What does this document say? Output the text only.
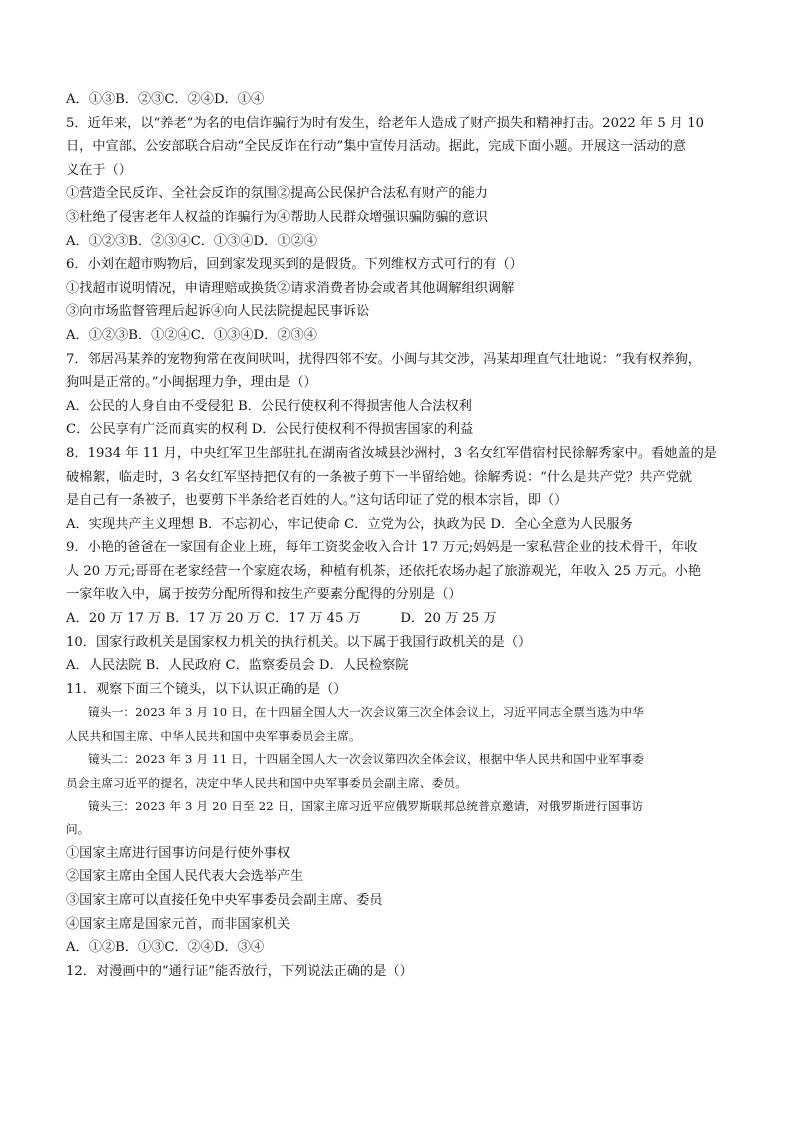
A．①③B．②③C．②④D．①④
5．近年来，以“养老”为名的电信诈骗行为时有发生，给老年人造成了财产损失和精神打击。2022 年 5 月 10
日，中宣部、公安部联合启动“全民反诈在行动”集中宣传月活动。据此，完成下面小题。开展这一活动的意
义在于（）
①营造全民反诈、全社会反诈的氛围②提高公民保护合法私有财产的能力
③杜绝了侵害老年人权益的诈骗行为④帮助人民群众增强识骗防骗的意识
A．①②③B．②③④C．①③④D．①②④
6．小刘在超市购物后，回到家发现买到的是假货。下列维权方式可行的有（）
①找超市说明情况，申请理赔或换货②请求消费者协会或者其他调解组织调解
③向市场监督管理后起诉④向人民法院提起民事诉讼
A．①②③B．①②④C．①③④D．②③④
7．邻居冯某养的宠物狗常在夜间吠叫，扰得四邻不安。小闽与其交涉，冯某却理直气壮地说：“我有权养狗，
狗叫是正常的。”小闽据理力争，理由是（）
A．公民的人身自由不受侵犯 B．公民行使权利不得损害他人合法权利
C．公民享有广泛而真实的权利 D．公民行使权利不得损害国家的利益
8．1934 年 11 月，中央红军卫生部驻扎在湖南省汝城县沙洲村，3 名女红军借宿村民徐解秀家中。看她盖的是
破棉絮，临走时，3 名女红军坚持把仅有的一条被子剪下一半留给她。徐解秀说：“什么是共产党？共产党就
是自己有一条被子，也要剪下半条给老百姓的人。”这句话印证了党的根本宗旨，即（）
A．实现共产主义理想 B．不忘初心，牢记使命 C．立党为公，执政为民 D．全心全意为人民服务
9．小艳的爸爸在一家国有企业上班，每年工资奖金收入合计 17 万元;妈妈是一家私营企业的技术骨干，年收
人 20 万元;哥哥在老家经营一个家庭农场，种植有机茶，还依托农场办起了旅游观光，年收入 25 万元。小艳
一家年收入中，属于按劳分配所得和按生产要素分配得的分别是（）
A．20 万 17 万 B．17 万 20 万 C．17 万 45 万　　　D．20 万 25 万
10．国家行政机关是国家权力机关的执行机关。以下属于我国行政机关的是（）
A．人民法院 B．人民政府 C．监察委员会 D．人民检察院
11．观察下面三个镜头，以下认识正确的是（）
镜头一：2023 年 3 月 10 日，在十四届全国人大一次会议第三次全体会议上，习近平同志全票当选为中华
人民共和国主席、中华人民共和国中央军事委员会主席。
镜头二：2023 年 3 月 11 日，十四届全国人大一次会议第四次全体会议，根据中华人民共和国中业军事委
员会主席习近平的提名，决定中华人民共和国中央军事委员会副主席、委员。
镜头三：2023 年 3 月 20 日至 22 日，国家主席习近平应俄罗斯联邦总统普京邀请，对俄罗斯进行国事访
问。
①国家主席进行国事访问是行使外事权
②国家主席由全国人民代表大会选举产生
③国家主席可以直接任免中央军事委员会副主席、委员
④国家主席是国家元首，而非国家机关
A．①②B．①③C．②④D．③④
12．对漫画中的“通行证”能否放行，下列说法正确的是（）
